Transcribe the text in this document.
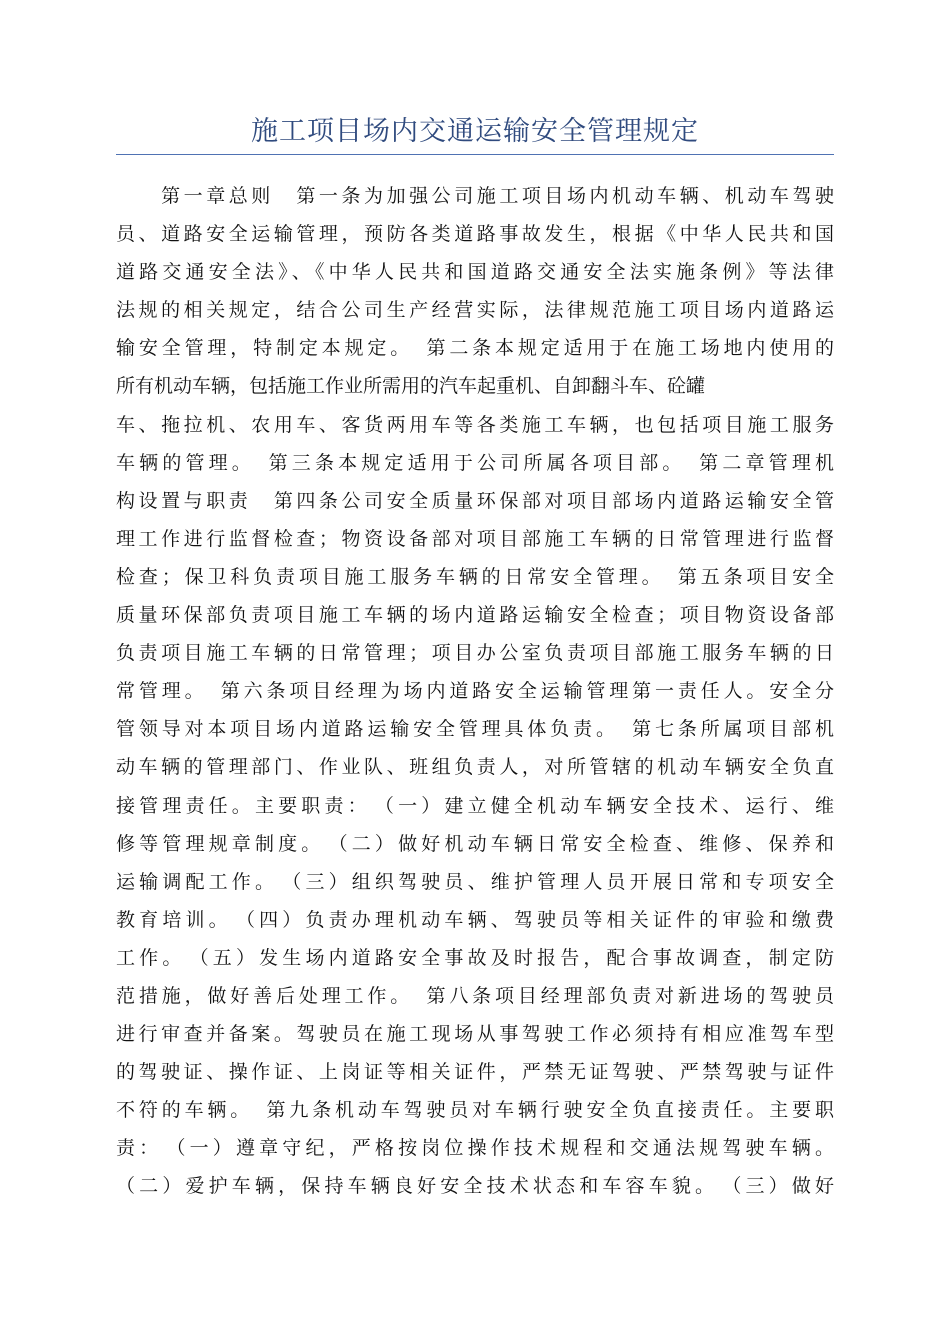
施工项目场内交通运输安全管理规定
　　第一章总则　第一条为加强公司施工项目场内机动车辆、机动车驾驶
员、道路安全运输管理，预防各类道路事故发生，根据《中华人民共和国
道路交通安全法》、《中华人民共和国道路交通安全法实施条例》等法律
法规的相关规定，结合公司生产经营实际，法律规范施工项目场内道路运
输安全管理，特制定本规定。　第二条本规定适用于在施工场地内使用的
所有机动车辆，包括施工作业所需用的汽车起重机、自卸翻斗车、砼罐
车、拖拉机、农用车、客货两用车等各类施工车辆，也包括项目施工服务
车辆的管理。　第三条本规定适用于公司所属各项目部。　第二章管理机
构设置与职责　第四条公司安全质量环保部对项目部场内道路运输安全管
理工作进行监督检查；物资设备部对项目部施工车辆的日常管理进行监督
检查；保卫科负责项目施工服务车辆的日常安全管理。　第五条项目安全
质量环保部负责项目施工车辆的场内道路运输安全检查；项目物资设备部
负责项目施工车辆的日常管理；项目办公室负责项目部施工服务车辆的日
常管理。　第六条项目经理为场内道路安全运输管理第一责任人。安全分
管领导对本项目场内道路运输安全管理具体负责。　第七条所属项目部机
动车辆的管理部门、作业队、班组负责人，对所管辖的机动车辆安全负直
接管理责任。主要职责：　（一）建立健全机动车辆安全技术、运行、维
修等管理规章制度。　（二）做好机动车辆日常安全检查、维修、保养和
运输调配工作。　（三）组织驾驶员、维护管理人员开展日常和专项安全
教育培训。　（四）负责办理机动车辆、驾驶员等相关证件的审验和缴费
工作。　（五）发生场内道路安全事故及时报告，配合事故调查，制定防
范措施，做好善后处理工作。　第八条项目经理部负责对新进场的驾驶员
进行审查并备案。驾驶员在施工现场从事驾驶工作必须持有相应准驾车型
的驾驶证、操作证、上岗证等相关证件，严禁无证驾驶、严禁驾驶与证件
不符的车辆。　第九条机动车驾驶员对车辆行驶安全负直接责任。主要职
责：　（一）遵章守纪，严格按岗位操作技术规程和交通法规驾驶车辆。
（二）爱护车辆，保持车辆良好安全技术状态和车容车貌。　（三）做好
